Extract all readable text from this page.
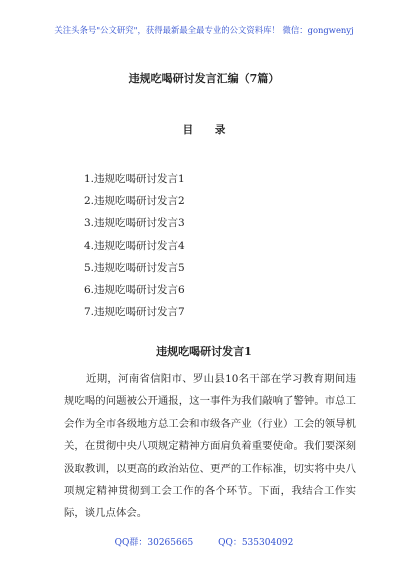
关注头条号"公文研究"，获得最新最全最专业的公文资料库！ 微信：gongwenyj
违规吃喝研讨发言汇编（7篇）
目 录
1.违规吃喝研讨发言1
2.违规吃喝研讨发言2
3.违规吃喝研讨发言3
4.违规吃喝研讨发言4
5.违规吃喝研讨发言5
6.违规吃喝研讨发言6
7.违规吃喝研讨发言7
违规吃喝研讨发言1

近期，河南省信阳市、罗山县10名干部在学习教育期间违规吃喝的问题被公开通报，这一事件为我们敲响了警钟。市总工会作为全市各级地方总工会和市级各产业（行业）工会的领导机关，在贯彻中央八项规定精神方面肩负着重要使命。我们要深刻汲取教训，以更高的政治站位、更严的工作标准，切实将中央八项规定精神贯彻到工会工作的各个环节。下面，我结合工作实际，谈几点体会。

QQ群：30265665	QQ：535304092
